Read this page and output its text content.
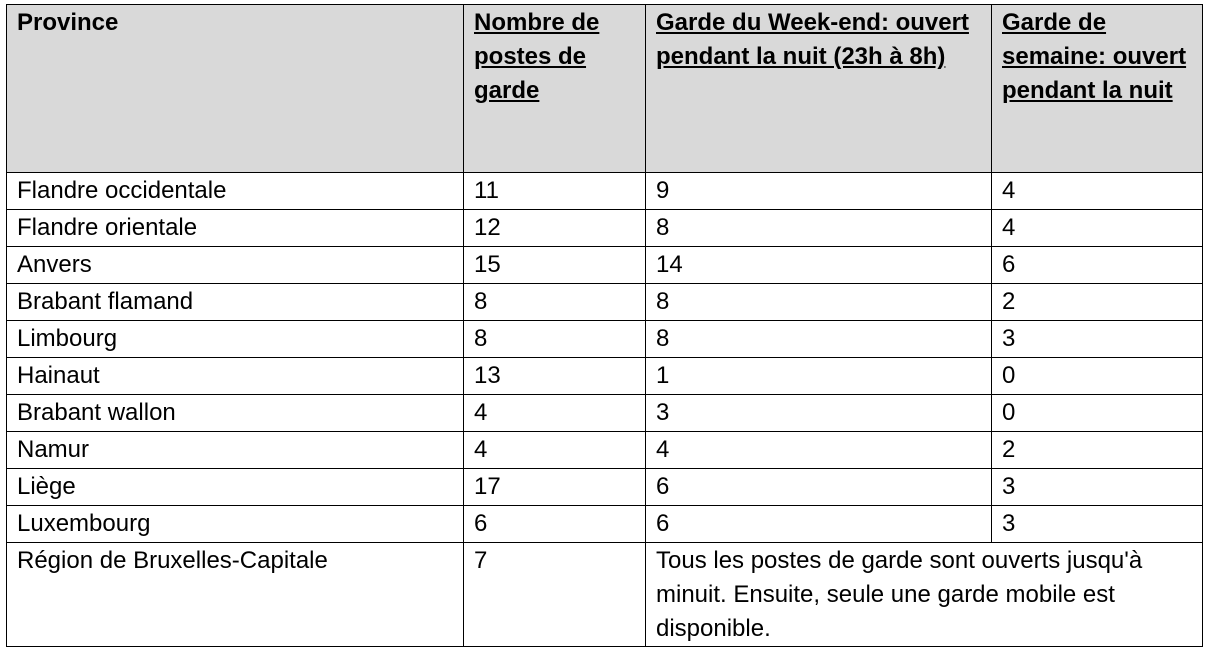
Province	Nombre de postes de garde	Garde du Week-end: ouvert pendant la nuit (23h à 8h)	Garde de semaine: ouvert pendant la nuit
Flandre occidentale	11	9	4
Flandre orientale	12	8	4
Anvers	15	14	6
Brabant flamand	8	8	2
Limbourg	8	8	3
Hainaut	13	1	0
Brabant wallon	4	3	0
Namur	4	4	2
Liège	17	6	3
Luxembourg	6	6	3
Région de Bruxelles-Capitale	7	Tous les postes de garde sont ouverts jusqu'à minuit. Ensuite, seule une garde mobile est disponible.	
